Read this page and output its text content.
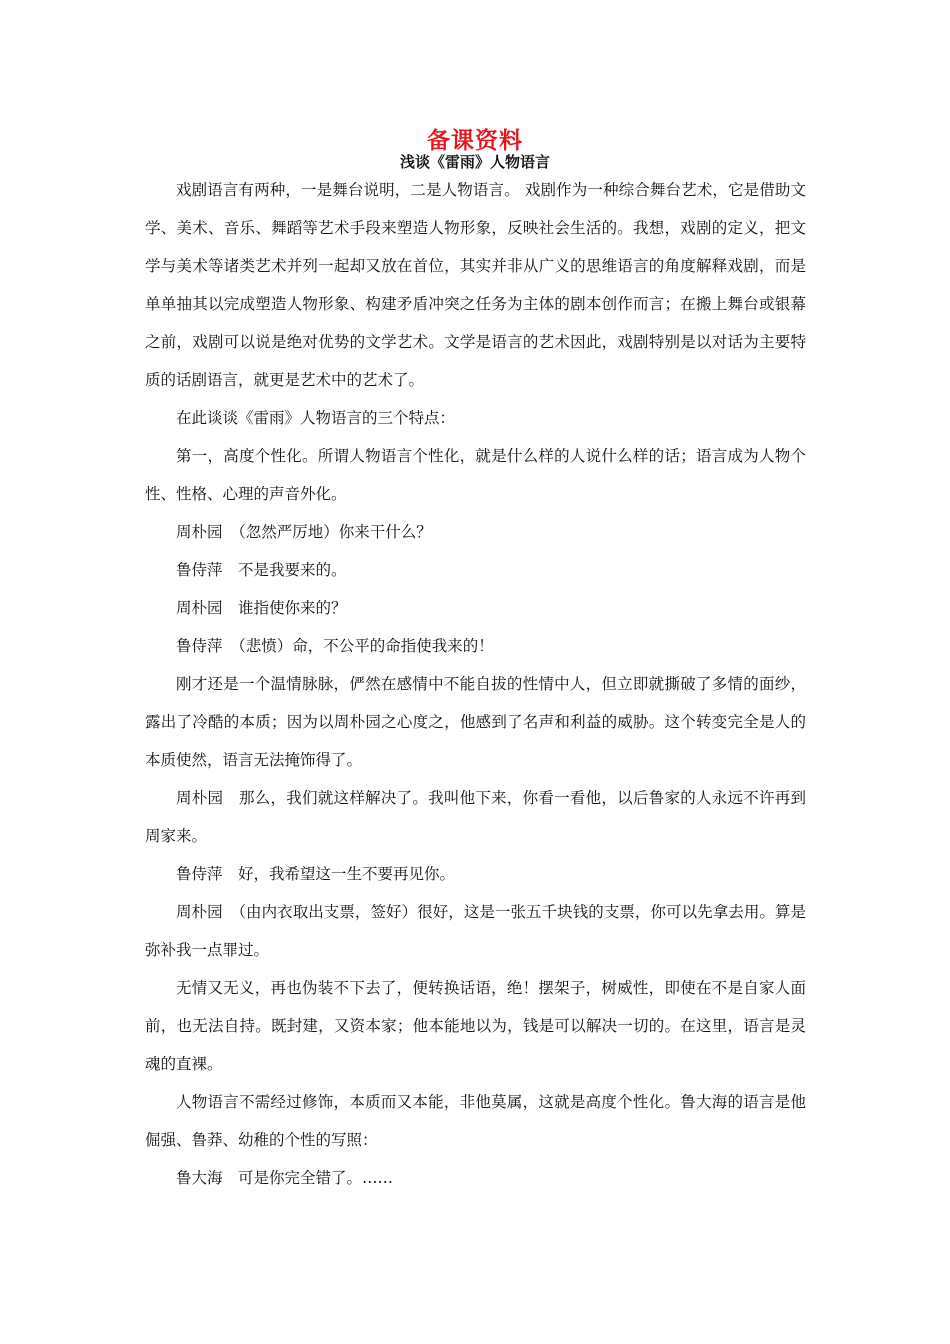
备课资料
浅谈《雷雨》人物语言

戏剧语言有两种，一是舞台说明，二是人物语言。 戏剧作为一种综合舞台艺术，它是借助文学、美术、音乐、舞蹈等艺术手段来塑造人物形象，反映社会生活的。我想，戏剧的定义，把文学与美术等诸类艺术并列一起却又放在首位，其实并非从广义的思维语言的角度解释戏剧，而是单单抽其以完成塑造人物形象、构建矛盾冲突之任务为主体的剧本创作而言；在搬上舞台或银幕之前，戏剧可以说是绝对优势的文学艺术。文学是语言的艺术因此，戏剧特别是以对话为主要特质的话剧语言，就更是艺术中的艺术了。

在此谈谈《雷雨》人物语言的三个特点：

第一，高度个性化。所谓人物语言个性化，就是什么样的人说什么样的话；语言成为人物个性、性格、心理的声音外化。

周朴园　（忽然严厉地）你来干什么？

鲁侍萍　不是我要来的。

周朴园　谁指使你来的？

鲁侍萍　（悲愤）命，不公平的命指使我来的！

刚才还是一个温情脉脉，俨然在感情中不能自拔的性情中人，但立即就撕破了多情的面纱，露出了冷酷的本质；因为以周朴园之心度之，他感到了名声和利益的威胁。这个转变完全是人的本质使然，语言无法掩饰得了。

周朴园　那么，我们就这样解决了。我叫他下来，你看一看他，以后鲁家的人永远不许再到周家来。

鲁侍萍　好，我希望这一生不要再见你。

周朴园　（由内衣取出支票，签好）很好，这是一张五千块钱的支票，你可以先拿去用。算是弥补我一点罪过。

无情又无义，再也伪装不下去了，便转换话语，绝！摆架子，树威性，即使在不是自家人面前，也无法自持。既封建，又资本家；他本能地以为，钱是可以解决一切的。在这里，语言是灵魂的直裸。

人物语言不需经过修饰，本质而又本能，非他莫属，这就是高度个性化。鲁大海的语言是他倔强、鲁莽、幼稚的个性的写照：

鲁大海　可是你完全错了。……
